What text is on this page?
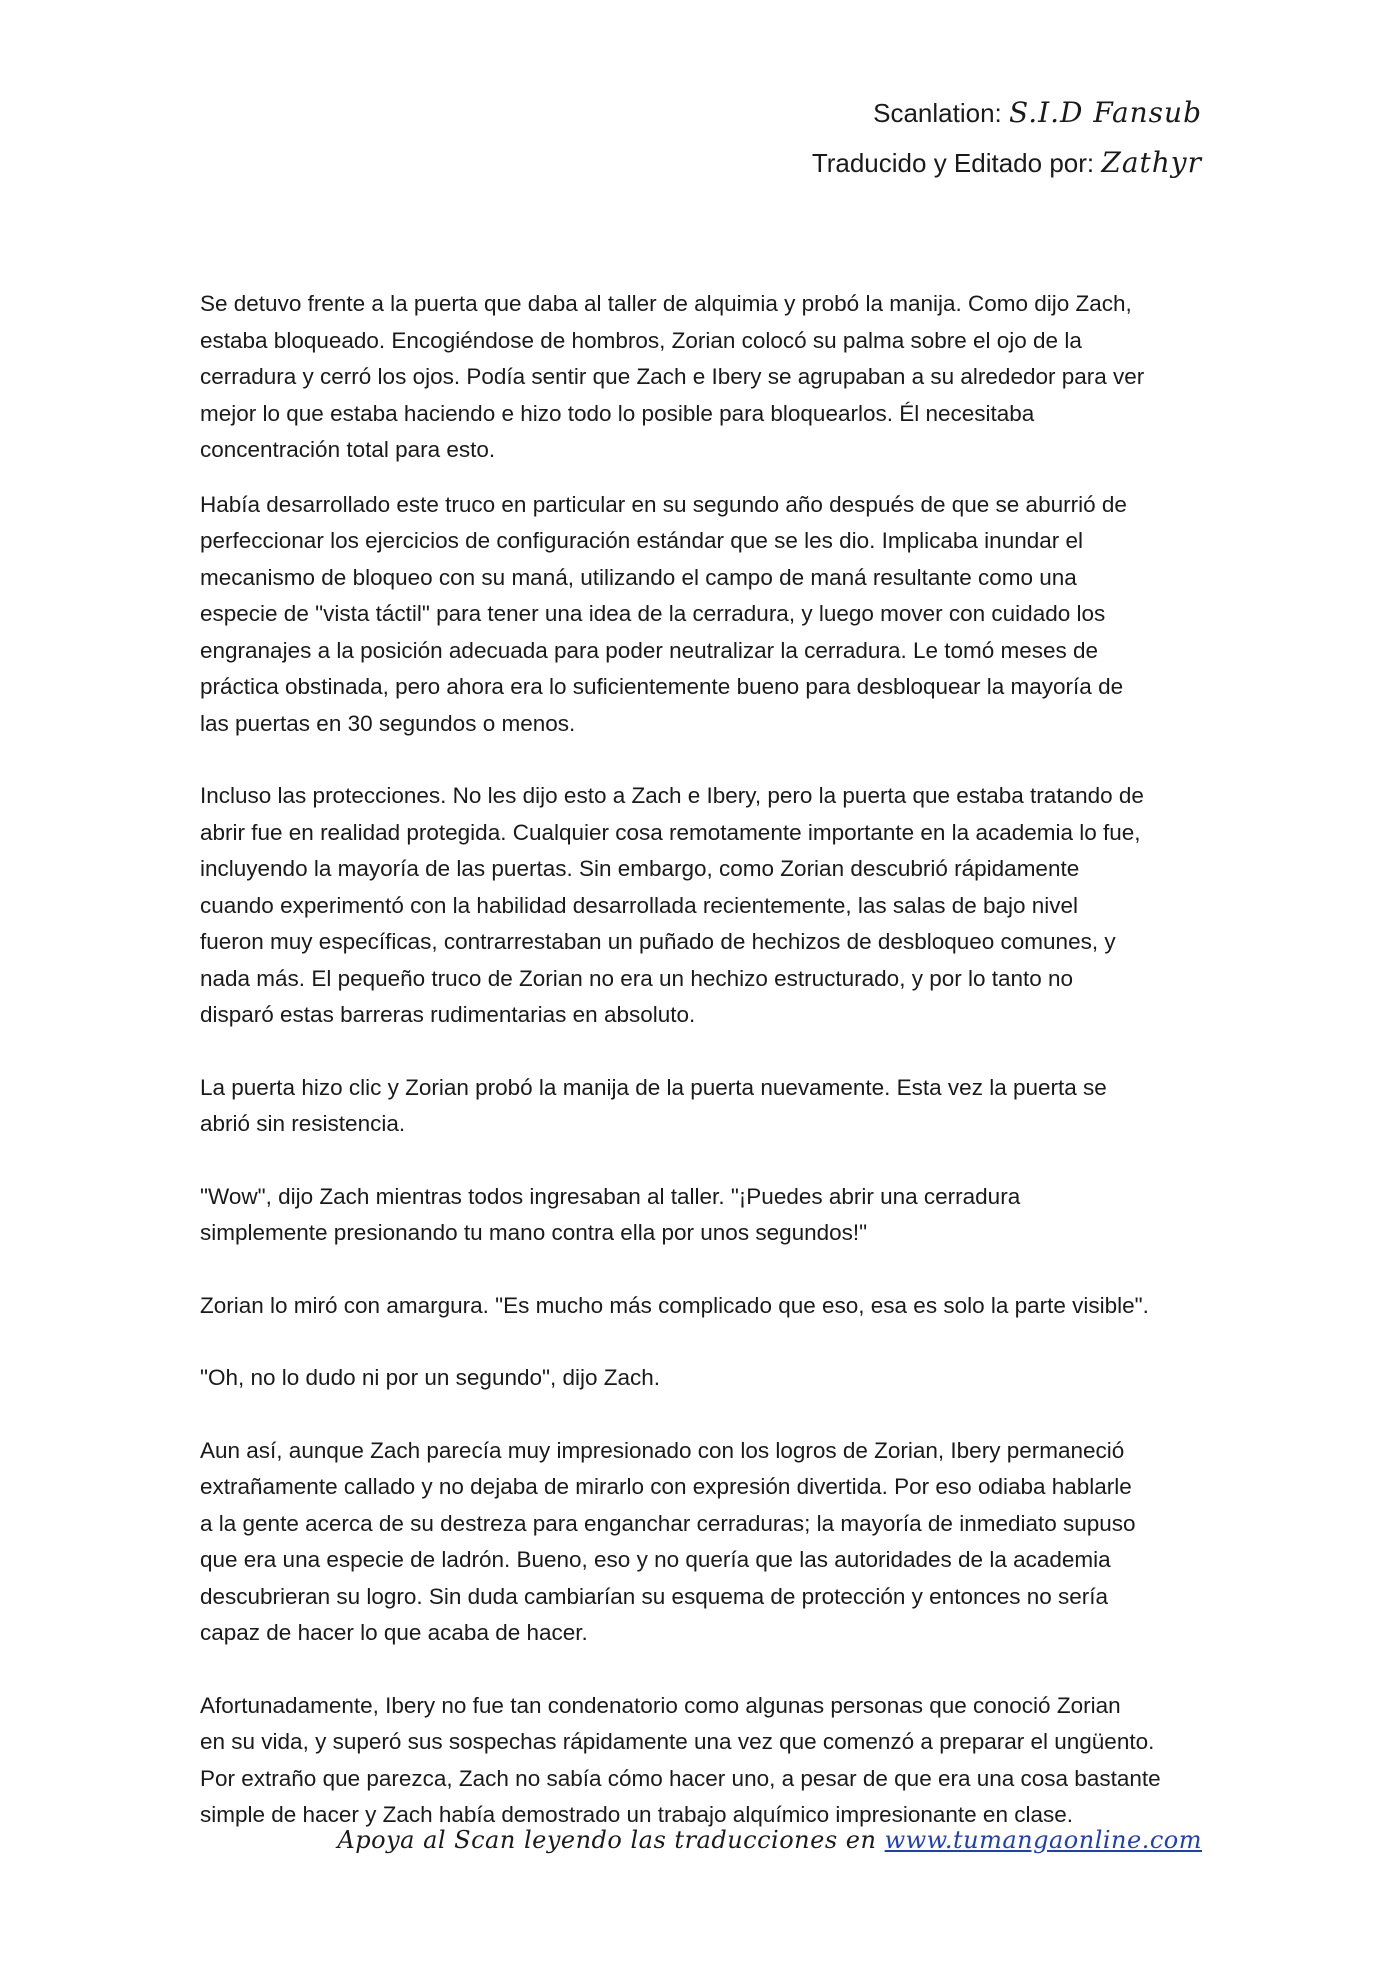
Scanlation: S.I.D Fansub
Traducido y Editado por: Zathyr

Se detuvo frente a la puerta que daba al taller de alquimia y probó la manija. Como dijo Zach,
estaba bloqueado. Encogiéndose de hombros, Zorian colocó su palma sobre el ojo de la
cerradura y cerró los ojos. Podía sentir que Zach e Ibery se agrupaban a su alrededor para ver
mejor lo que estaba haciendo e hizo todo lo posible para bloquearlos. Él necesitaba
concentración total para esto.

Había desarrollado este truco en particular en su segundo año después de que se aburrió de
perfeccionar los ejercicios de configuración estándar que se les dio. Implicaba inundar el
mecanismo de bloqueo con su maná, utilizando el campo de maná resultante como una
especie de "vista táctil" para tener una idea de la cerradura, y luego mover con cuidado los
engranajes a la posición adecuada para poder neutralizar la cerradura. Le tomó meses de
práctica obstinada, pero ahora era lo suficientemente bueno para desbloquear la mayoría de
las puertas en 30 segundos o menos.

Incluso las protecciones. No les dijo esto a Zach e Ibery, pero la puerta que estaba tratando de
abrir fue en realidad protegida. Cualquier cosa remotamente importante en la academia lo fue,
incluyendo la mayoría de las puertas. Sin embargo, como Zorian descubrió rápidamente
cuando experimentó con la habilidad desarrollada recientemente, las salas de bajo nivel
fueron muy específicas, contrarrestaban un puñado de hechizos de desbloqueo comunes, y
nada más. El pequeño truco de Zorian no era un hechizo estructurado, y por lo tanto no
disparó estas barreras rudimentarias en absoluto.

La puerta hizo clic y Zorian probó la manija de la puerta nuevamente. Esta vez la puerta se
abrió sin resistencia.

"Wow", dijo Zach mientras todos ingresaban al taller. "¡Puedes abrir una cerradura
simplemente presionando tu mano contra ella por unos segundos!"

Zorian lo miró con amargura. "Es mucho más complicado que eso, esa es solo la parte visible".

"Oh, no lo dudo ni por un segundo", dijo Zach.

Aun así, aunque Zach parecía muy impresionado con los logros de Zorian, Ibery permaneció
extrañamente callado y no dejaba de mirarlo con expresión divertida. Por eso odiaba hablarle
a la gente acerca de su destreza para enganchar cerraduras; la mayoría de inmediato supuso
que era una especie de ladrón. Bueno, eso y no quería que las autoridades de la academia
descubrieran su logro. Sin duda cambiarían su esquema de protección y entonces no sería
capaz de hacer lo que acaba de hacer.

Afortunadamente, Ibery no fue tan condenatorio como algunas personas que conoció Zorian
en su vida, y superó sus sospechas rápidamente una vez que comenzó a preparar el ungüento.
Por extraño que parezca, Zach no sabía cómo hacer uno, a pesar de que era una cosa bastante
simple de hacer y Zach había demostrado un trabajo alquímico impresionante en clase.

Apoya al Scan leyendo las traducciones en www.tumangaonline.com
